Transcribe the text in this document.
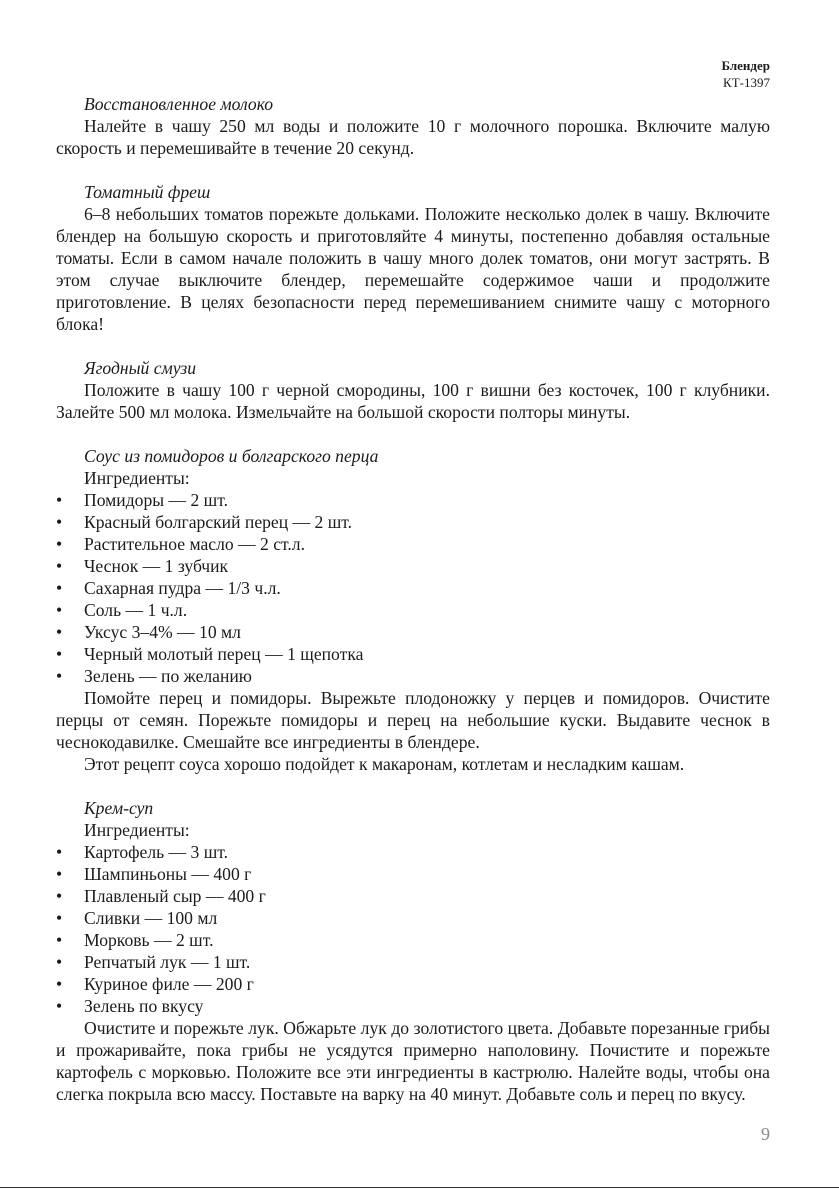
Блендер
КТ-1397

Восстановленное молоко

Налейте в чашу 250 мл воды и положите 10 г молочного порошка. Включите малую скорость и перемешивайте в течение 20 секунд.

Томатный фреш

6–8 небольших томатов порежьте дольками. Положите несколько долек в чашу. Включите блендер на большую скорость и приготовляйте 4 минуты, постепенно добавляя остальные томаты. Если в самом начале положить в чашу много долек томатов, они могут застрять. В этом случае выключите блендер, перемешайте содержимое чаши и продолжите приготовление. В целях безопасности перед перемешиванием снимите чашу с моторного блока!

Ягодный смузи

Положите в чашу 100 г черной смородины, 100 г вишни без косточек, 100 г клубники. Залейте 500 мл молока. Измельчайте на большой скорости полторы минуты.

Соус из помидоров и болгарского перца

Ингредиенты:

• Помидоры — 2 шт.
• Красный болгарский перец — 2 шт.
• Растительное масло — 2 ст.л.
• Чеснок — 1 зубчик
• Сахарная пудра — 1/3 ч.л.
• Соль — 1 ч.л.
• Уксус 3–4% — 10 мл
• Черный молотый перец — 1 щепотка
• Зелень — по желанию

Помойте перец и помидоры. Вырежьте плодоножку у перцев и помидоров. Очистите перцы от семян. Порежьте помидоры и перец на небольшие куски. Выдавите чеснок в чеснокодавилке. Смешайте все ингредиенты в блендере.

Этот рецепт соуса хорошо подойдет к макаронам, котлетам и несладким кашам.

Крем-суп

Ингредиенты:

• Картофель — 3 шт.
• Шампиньоны — 400 г
• Плавленый сыр — 400 г
• Сливки — 100 мл
• Морковь — 2 шт.
• Репчатый лук — 1 шт.
• Куриное филе — 200 г
• Зелень по вкусу

Очистите и порежьте лук. Обжарьте лук до золотистого цвета. Добавьте порезанные грибы и прожаривайте, пока грибы не усядутся примерно наполовину. Почистите и порежьте картофель с морковью. Положите все эти ингредиенты в кастрюлю. Налейте воды, чтобы она слегка покрыла всю массу. Поставьте на варку на 40 минут. Добавьте соль и перец по вкусу.

9
